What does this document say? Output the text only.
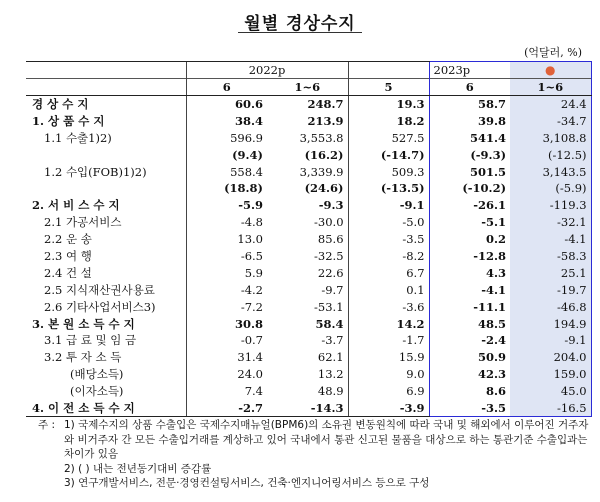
월별 경상수지
(억달러, %)
	2022p			2023p	●
	6	1~6	5	6	1~6
경 상 수 지	60.6	248.7	19.3	58.7	24.4
1. 상 품 수 지	38.4	213.9	18.2	39.8	-34.7
1.1 수출1)2)	596.9	3,553.8	527.5	541.4	3,108.8
	(9.4)	(16.2)	(-14.7)	(-9.3)	(-12.5)
1.2 수입(FOB)1)2)	558.4	3,339.9	509.3	501.5	3,143.5
	(18.8)	(24.6)	(-13.5)	(-10.2)	(-5.9)
2. 서 비 스 수 지	-5.9	-9.3	-9.1	-26.1	-119.3
2.1 가공서비스	-4.8	-30.0	-5.0	-5.1	-32.1
2.2 운 송	13.0	85.6	-3.5	0.2	-4.1
2.3 여 행	-6.5	-32.5	-8.2	-12.8	-58.3
2.4 건 설	5.9	22.6	6.7	4.3	25.1
2.5 지식재산권사용료	-4.2	-9.7	0.1	-4.1	-19.7
2.6 기타사업서비스3)	-7.2	-53.1	-3.6	-11.1	-46.8
3. 본 원 소 득 수 지	30.8	58.4	14.2	48.5	194.9
3.1 급 료 및 임 금	-0.7	-3.7	-1.7	-2.4	-9.1
3.2 투 자 소 득	31.4	62.1	15.9	50.9	204.0
(배당소득)	24.0	13.2	9.0	42.3	159.0
(이자소득)	7.4	48.9	6.9	8.6	45.0
4. 이 전 소 득 수 지	-2.7	-14.3	-3.9	-3.5	-16.5
주 : 1) 국제수지의 상품 수출입은 국제수지매뉴얼(BPM6)의 소유권 변동원칙에 따라 국내 및 해외에서 이루어진 거주자와 비거주자 간 모든 수출입거래를 계상하고 있어 국내에서 통관 신고된 물품을 대상으로 하는 통관기준 수출입과는 차이가 있음
2) ( ) 내는 전년동기대비 증감률
3) 연구개발서비스, 전문·경영컨설팅서비스, 건축·엔지니어링서비스 등으로 구성
